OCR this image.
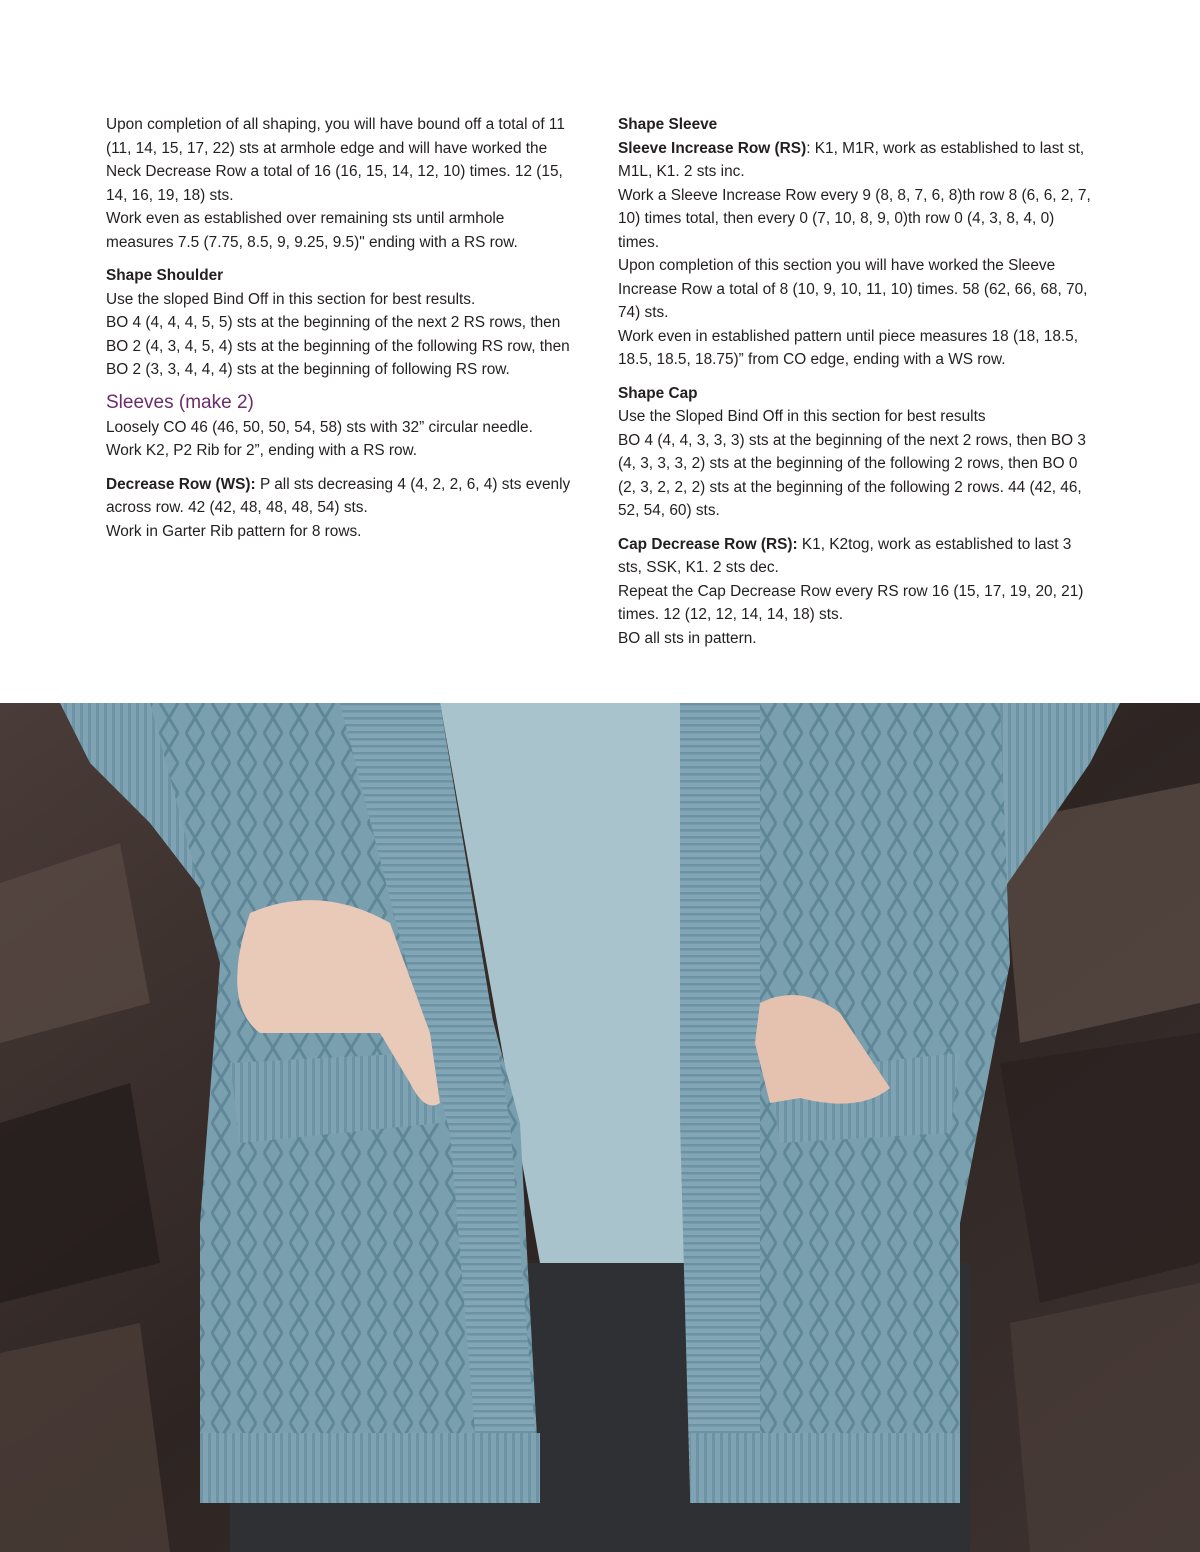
Upon completion of all shaping, you will have bound off a total of 11 (11, 14, 15, 17, 22) sts at armhole edge and will have worked the Neck Decrease Row a total of 16 (16, 15, 14, 12, 10) times. 12 (15, 14, 16, 19, 18) sts.

Work even as established over remaining sts until armhole measures 7.5 (7.75, 8.5, 9, 9.25, 9.5)" ending with a RS row.

Shape Shoulder

Use the sloped Bind Off in this section for best results.

BO 4 (4, 4, 4, 5, 5) sts at the beginning of the next 2 RS rows, then BO 2 (4, 3, 4, 5, 4) sts at the beginning of the following RS row, then BO 2 (3, 3, 4, 4, 4) sts at the beginning of following RS row.

Sleeves (make 2)

Loosely CO 46 (46, 50, 50, 54, 58) sts with 32” circular needle.

Work K2, P2 Rib for 2”, ending with a RS row.

Decrease Row (WS): P all sts decreasing 4 (4, 2, 2, 6, 4) sts evenly across row. 42 (42, 48, 48, 48, 54) sts.

Work in Garter Rib pattern for 8 rows.

Shape Sleeve

Sleeve Increase Row (RS): K1, M1R, work as established to last st, M1L, K1. 2 sts inc.

Work a Sleeve Increase Row every 9 (8, 8, 7, 6, 8)th row 8 (6, 6, 2, 7, 10) times total, then every 0 (7, 10, 8, 9, 0)th row 0 (4, 3, 8, 4, 0) times.

Upon completion of this section you will have worked the Sleeve Increase Row a total of 8 (10, 9, 10, 11, 10) times. 58 (62, 66, 68, 70, 74) sts.

Work even in established pattern until piece measures 18 (18, 18.5, 18.5, 18.5, 18.75)” from CO edge, ending with a WS row.

Shape Cap

Use the Sloped Bind Off in this section for best results

BO 4 (4, 4, 3, 3, 3) sts at the beginning of the next 2 rows, then BO 3 (4, 3, 3, 3, 2) sts at the beginning of the following 2 rows, then BO 0 (2, 3, 2, 2, 2) sts at the beginning of the following 2 rows. 44 (42, 46, 52, 54, 60) sts.

Cap Decrease Row (RS): K1, K2tog, work as established to last 3 sts, SSK, K1. 2 sts dec.

Repeat the Cap Decrease Row every RS row 16 (15, 17, 19, 20, 21) times. 12 (12, 12, 14, 14, 18) sts.

BO all sts in pattern.
